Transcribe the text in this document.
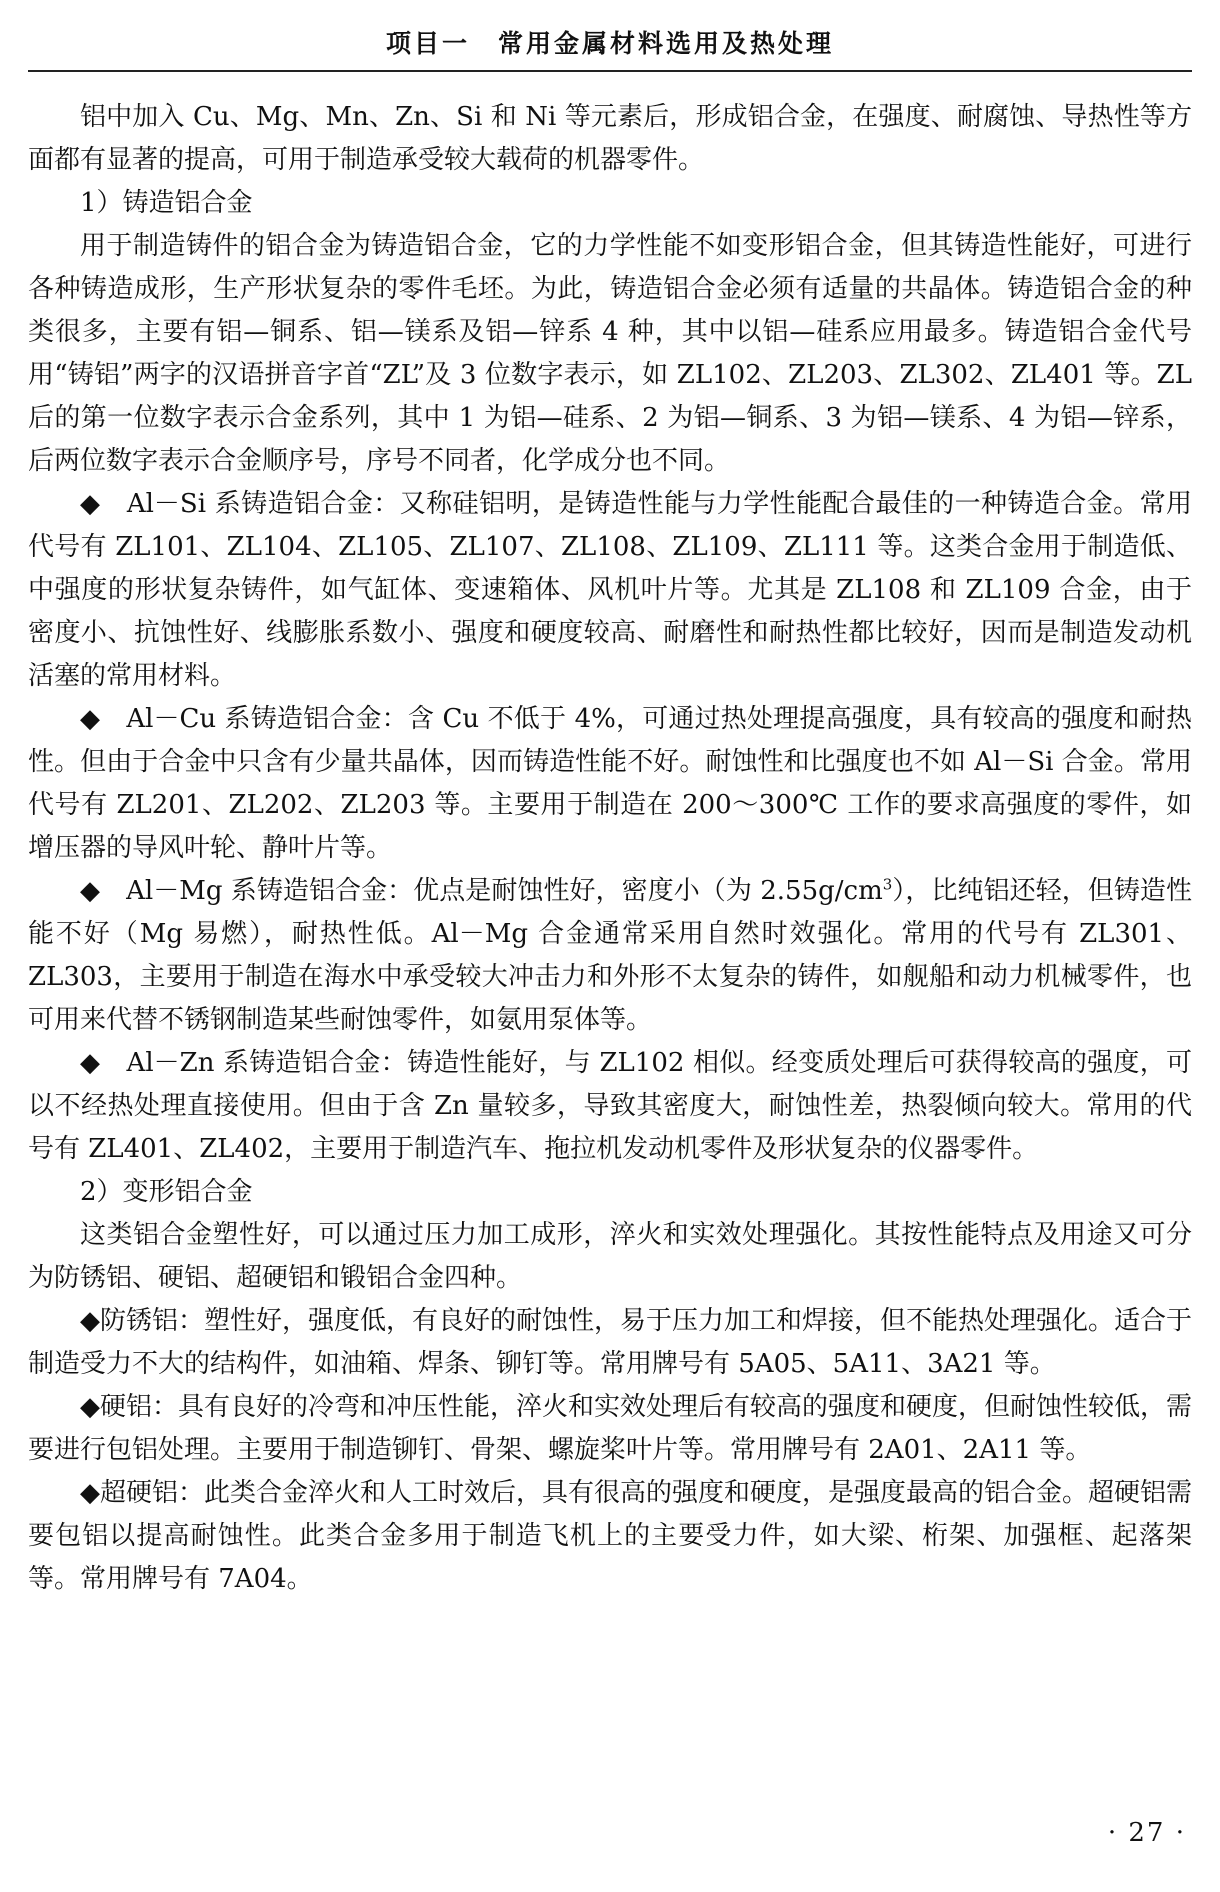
项目一　常用金属材料选用及热处理

铝中加入 Cu、Mg、Mn、Zn、Si 和 Ni 等元素后，形成铝合金，在强度、耐腐蚀、导热性等方面都有显著的提高，可用于制造承受较大载荷的机器零件。

1）铸造铝合金

用于制造铸件的铝合金为铸造铝合金，它的力学性能不如变形铝合金，但其铸造性能好，可进行各种铸造成形，生产形状复杂的零件毛坯。为此，铸造铝合金必须有适量的共晶体。铸造铝合金的种类很多，主要有铝—铜系、铝—镁系及铝—锌系 4 种，其中以铝—硅系应用最多。铸造铝合金代号用“铸铝”两字的汉语拼音字首“ZL”及 3 位数字表示，如 ZL102、ZL203、ZL302、ZL401 等。ZL 后的第一位数字表示合金系列，其中 1 为铝—硅系、2 为铝—铜系、3 为铝—镁系、4 为铝—锌系，后两位数字表示合金顺序号，序号不同者，化学成分也不同。

◆　Al－Si 系铸造铝合金：又称硅铝明，是铸造性能与力学性能配合最佳的一种铸造合金。常用代号有 ZL101、ZL104、ZL105、ZL107、ZL108、ZL109、ZL111 等。这类合金用于制造低、中强度的形状复杂铸件，如气缸体、变速箱体、风机叶片等。尤其是 ZL108 和 ZL109 合金，由于密度小、抗蚀性好、线膨胀系数小、强度和硬度较高、耐磨性和耐热性都比较好，因而是制造发动机活塞的常用材料。

◆　Al－Cu 系铸造铝合金：含 Cu 不低于 4%，可通过热处理提高强度，具有较高的强度和耐热性。但由于合金中只含有少量共晶体，因而铸造性能不好。耐蚀性和比强度也不如 Al－Si 合金。常用代号有 ZL201、ZL202、ZL203 等。主要用于制造在 200～300℃ 工作的要求高强度的零件，如增压器的导风叶轮、静叶片等。

◆　Al－Mg 系铸造铝合金：优点是耐蚀性好，密度小（为 $2.55g/cm^3$），比纯铝还轻，但铸造性能不好（Mg 易燃），耐热性低。Al－Mg 合金通常采用自然时效强化。常用的代号有 ZL301、ZL303，主要用于制造在海水中承受较大冲击力和外形不太复杂的铸件，如舰船和动力机械零件，也可用来代替不锈钢制造某些耐蚀零件，如氨用泵体等。

◆　Al－Zn 系铸造铝合金：铸造性能好，与 ZL102 相似。经变质处理后可获得较高的强度，可以不经热处理直接使用。但由于含 Zn 量较多，导致其密度大，耐蚀性差，热裂倾向较大。常用的代号有 ZL401、ZL402，主要用于制造汽车、拖拉机发动机零件及形状复杂的仪器零件。

2）变形铝合金

这类铝合金塑性好，可以通过压力加工成形，淬火和实效处理强化。其按性能特点及用途又可分为防锈铝、硬铝、超硬铝和锻铝合金四种。

◆防锈铝：塑性好，强度低，有良好的耐蚀性，易于压力加工和焊接，但不能热处理强化。适合于制造受力不大的结构件，如油箱、焊条、铆钉等。常用牌号有 5A05、5A11、3A21 等。

◆硬铝：具有良好的冷弯和冲压性能，淬火和实效处理后有较高的强度和硬度，但耐蚀性较低，需要进行包铝处理。主要用于制造铆钉、骨架、螺旋桨叶片等。常用牌号有 2A01、2A11 等。

◆超硬铝：此类合金淬火和人工时效后，具有很高的强度和硬度，是强度最高的铝合金。超硬铝需要包铝以提高耐蚀性。此类合金多用于制造飞机上的主要受力件，如大梁、桁架、加强框、起落架等。常用牌号有 7A04。

· 27 ·
